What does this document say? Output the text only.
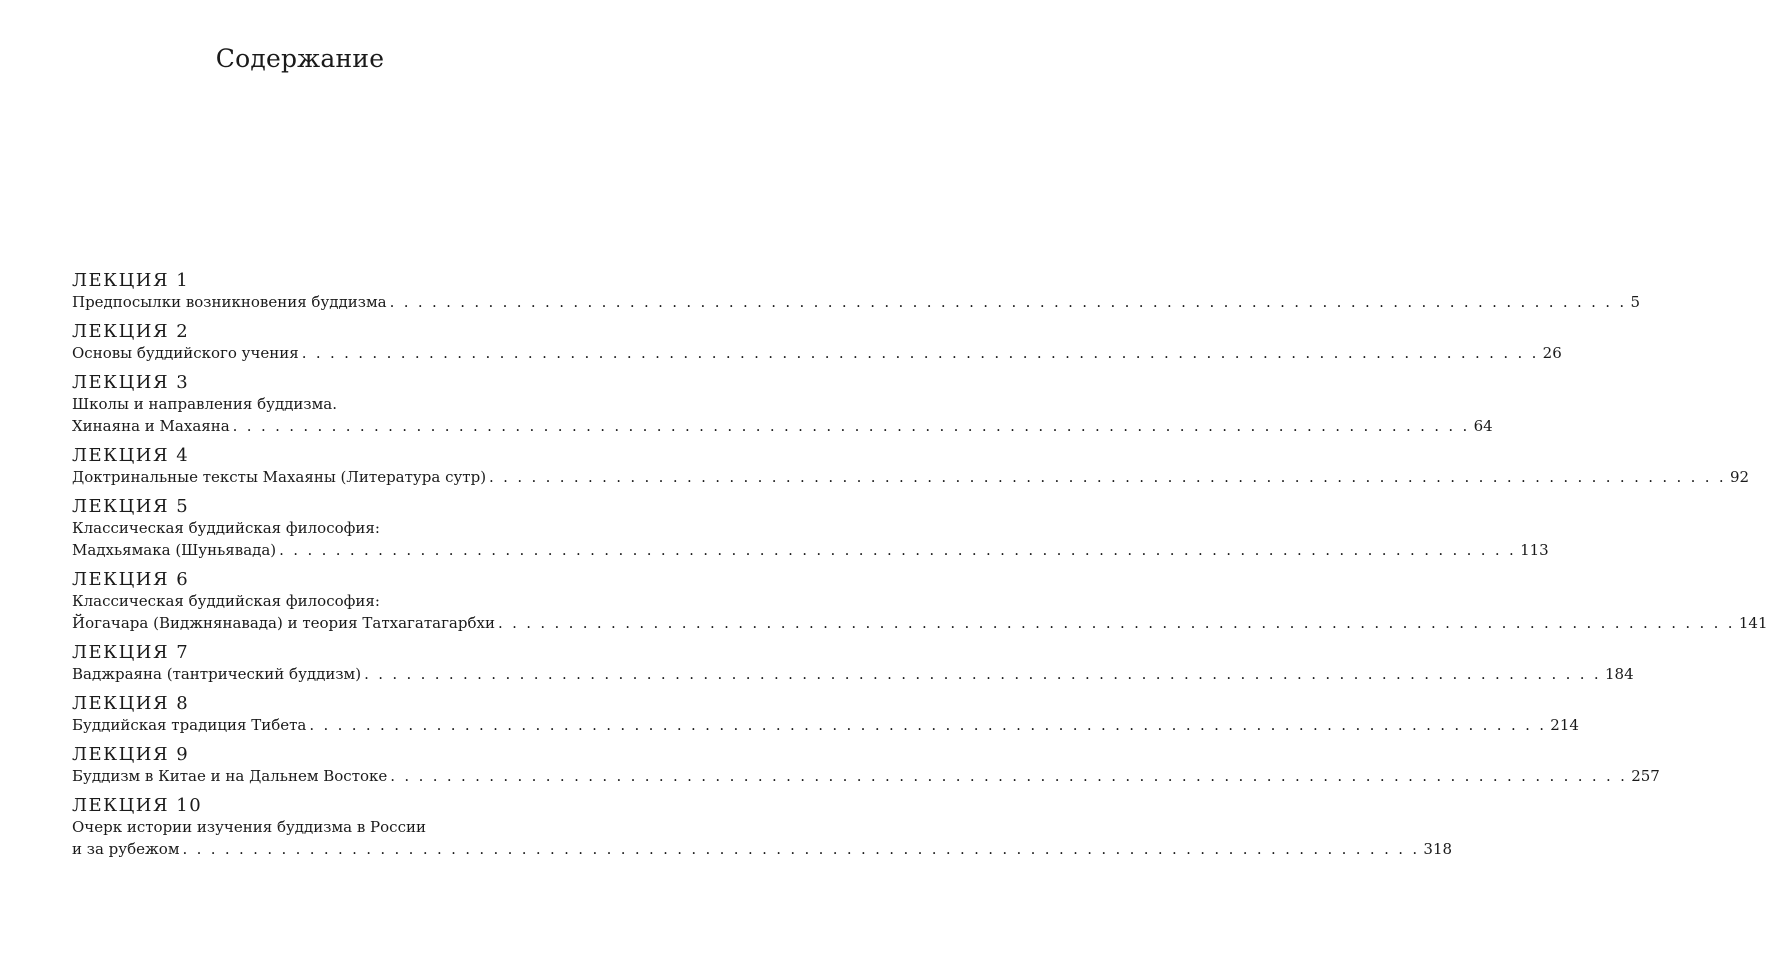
Содержание
ЛЕКЦИЯ 1
Предпосылки возникновения буддизма . . .	5
ЛЕКЦИЯ 2
Основы буддийского учения . . .	26
ЛЕКЦИЯ 3
Школы и направления буддизма.
Хинаяна и Махаяна . . .	64
ЛЕКЦИЯ 4
Доктринальные тексты Махаяны (Литература сутр) . . .	92
ЛЕКЦИЯ 5
Классическая буддийская философия:
Мадхьямака (Шуньявада) . . .	113
ЛЕКЦИЯ 6
Классическая буддийская философия:
Йогачара (Виджнянавада) и теория Татхагатагарбхи . . .	141
ЛЕКЦИЯ 7
Ваджраяна (тантрический буддизм) . . .	184
ЛЕКЦИЯ 8
Буддийская традиция Тибета . . .	214
ЛЕКЦИЯ 9
Буддизм в Китае и на Дальнем Востоке . . .	257
ЛЕКЦИЯ 10
Очерк истории изучения буддизма в России
и за рубежом . . .	318
